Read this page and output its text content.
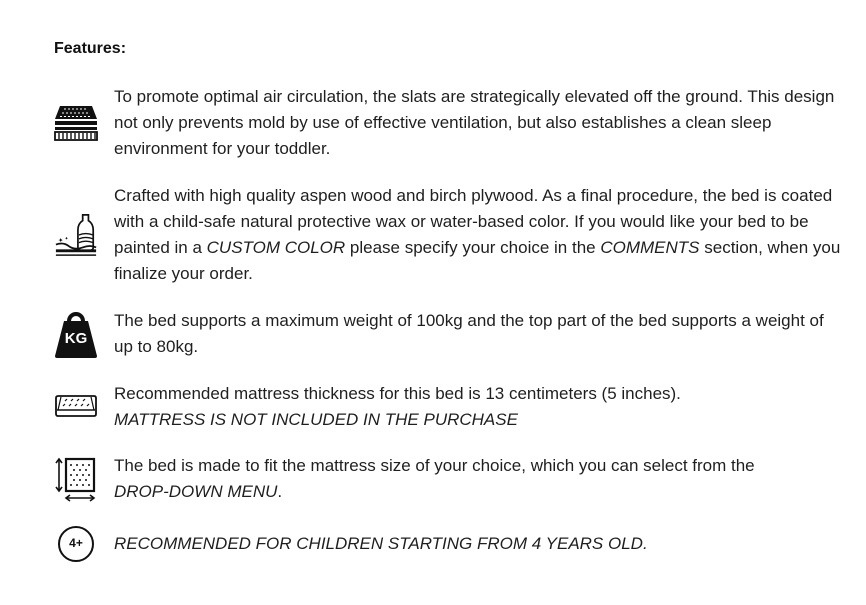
Features:
To promote optimal air circulation, the slats are strategically elevated off the ground. This design not only prevents mold by use of effective ventilation, but also establishes a clean sleep environment for your toddler.
✦ ✦
Crafted with high quality aspen wood and birch plywood. As a final procedure, the bed is coated with a child-safe natural protective wax or water-based color. If you would like your bed to be painted in a CUSTOM COLOR please specify your choice in the COMMENTS section, when you finalize your order.
KG
The bed supports a maximum weight of 100kg and the top part of the bed supports a weight of up to 80kg.

Recommended mattress thickness for this bed is 13 centimeters (5 inches).

MATTRESS IS NOT INCLUDED IN THE PURCHASE

The bed is made to fit the mattress size of your choice, which you can select from the

DROP-DOWN MENU.

4+	RECOMMENDED FOR CHILDREN STARTING FROM 4 YEARS OLD.
